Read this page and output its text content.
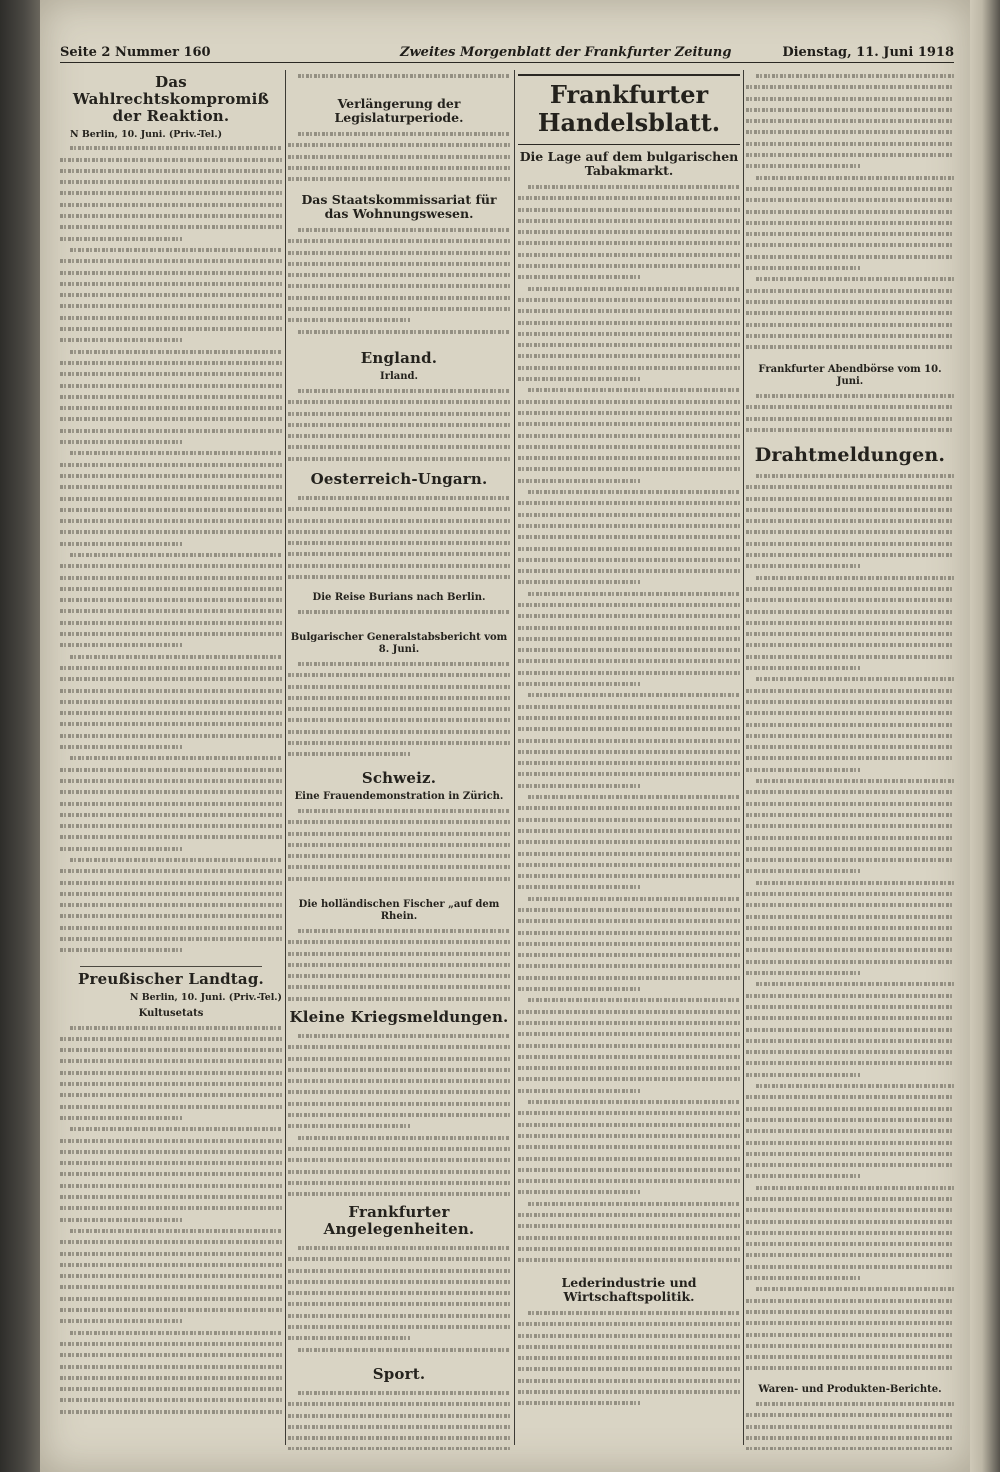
Seite 2 Nummer 160	Zweites Morgenblatt der Frankfurter Zeitung	Dienstag, 11. Juni 1918
Das Wahlrechtskompromiß der Reaktion.

N Berlin, 10. Juni. (Priv.-Tel.)

Preußischer Landtag.

N Berlin, 10. Juni. (Priv.-Tel.)

Kultusetats
Verlängerung der Legislaturperiode.
Das Staatskommissariat für das Wohnungswesen.
England.
Irland.
Oesterreich-Ungarn.
Die Reise Burians nach Berlin.
Bulgarischer Generalstabsbericht vom 8. Juni.
Schweiz.
Eine Frauendemonstration in Zürich.
Die holländischen Fischer „auf dem Rhein.
Kleine Kriegsmeldungen.
Frankfurter Angelegenheiten.
Sport.
Frankfurter Handelsblatt.
Die Lage auf dem bulgarischen Tabakmarkt.
Lederindustrie und Wirtschaftspolitik.
Frankfurter Abendbörse vom 10. Juni.
Drahtmeldungen.
Waren- und Produkten-Berichte.
